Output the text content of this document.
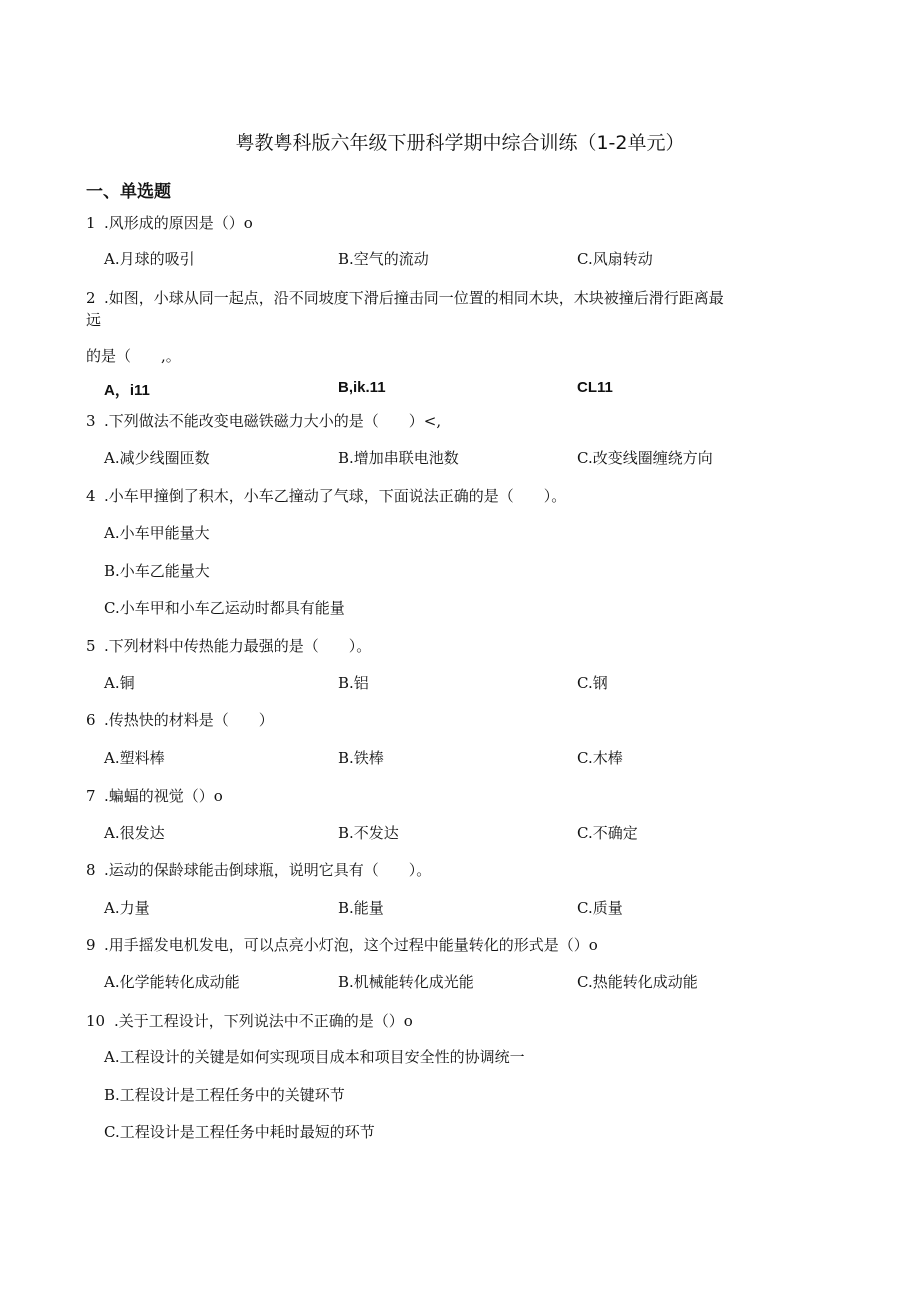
粤教粤科版六年级下册科学期中综合训练（1-2单元）
一、单选题
1 .风形成的原因是（）o
A.月球的吸引	B.空气的流动	C.风扇转动
2 .如图，小球从同一起点，沿不同坡度下滑后撞击同一位置的相同木块，木块被撞后滑行距离最
远
的是（　　,。
A，i11	B,ik.11	CL11
3 .下列做法不能改变电磁铁磁力大小的是（　　）<,
A.减少线圈匝数	B.增加串联电池数	C.改变线圈缠绕方向
4 .小车甲撞倒了积木，小车乙撞动了气球，下面说法正确的是（　　）。
A.小车甲能量大
B.小车乙能量大
C.小车甲和小车乙运动时都具有能量
5 .下列材料中传热能力最强的是（　　）。
A.铜	B.铝	C.钢
6 .传热快的材料是（　　）
A.塑料棒	B.铁棒	C.木棒
7 .蝙蝠的视觉（）o
A.很发达	B.不发达	C.不确定
8 .运动的保龄球能击倒球瓶，说明它具有（　　）。
A.力量	B.能量	C.质量
9 .用手摇发电机发电，可以点亮小灯泡，这个过程中能量转化的形式是（）o
A.化学能转化成动能	B.机械能转化成光能	C.热能转化成动能
10 .关于工程设计，下列说法中不正确的是（）o
A.工程设计的关键是如何实现项目成本和项目安全性的协调统一
B.工程设计是工程任务中的关键环节
C.工程设计是工程任务中耗时最短的环节
